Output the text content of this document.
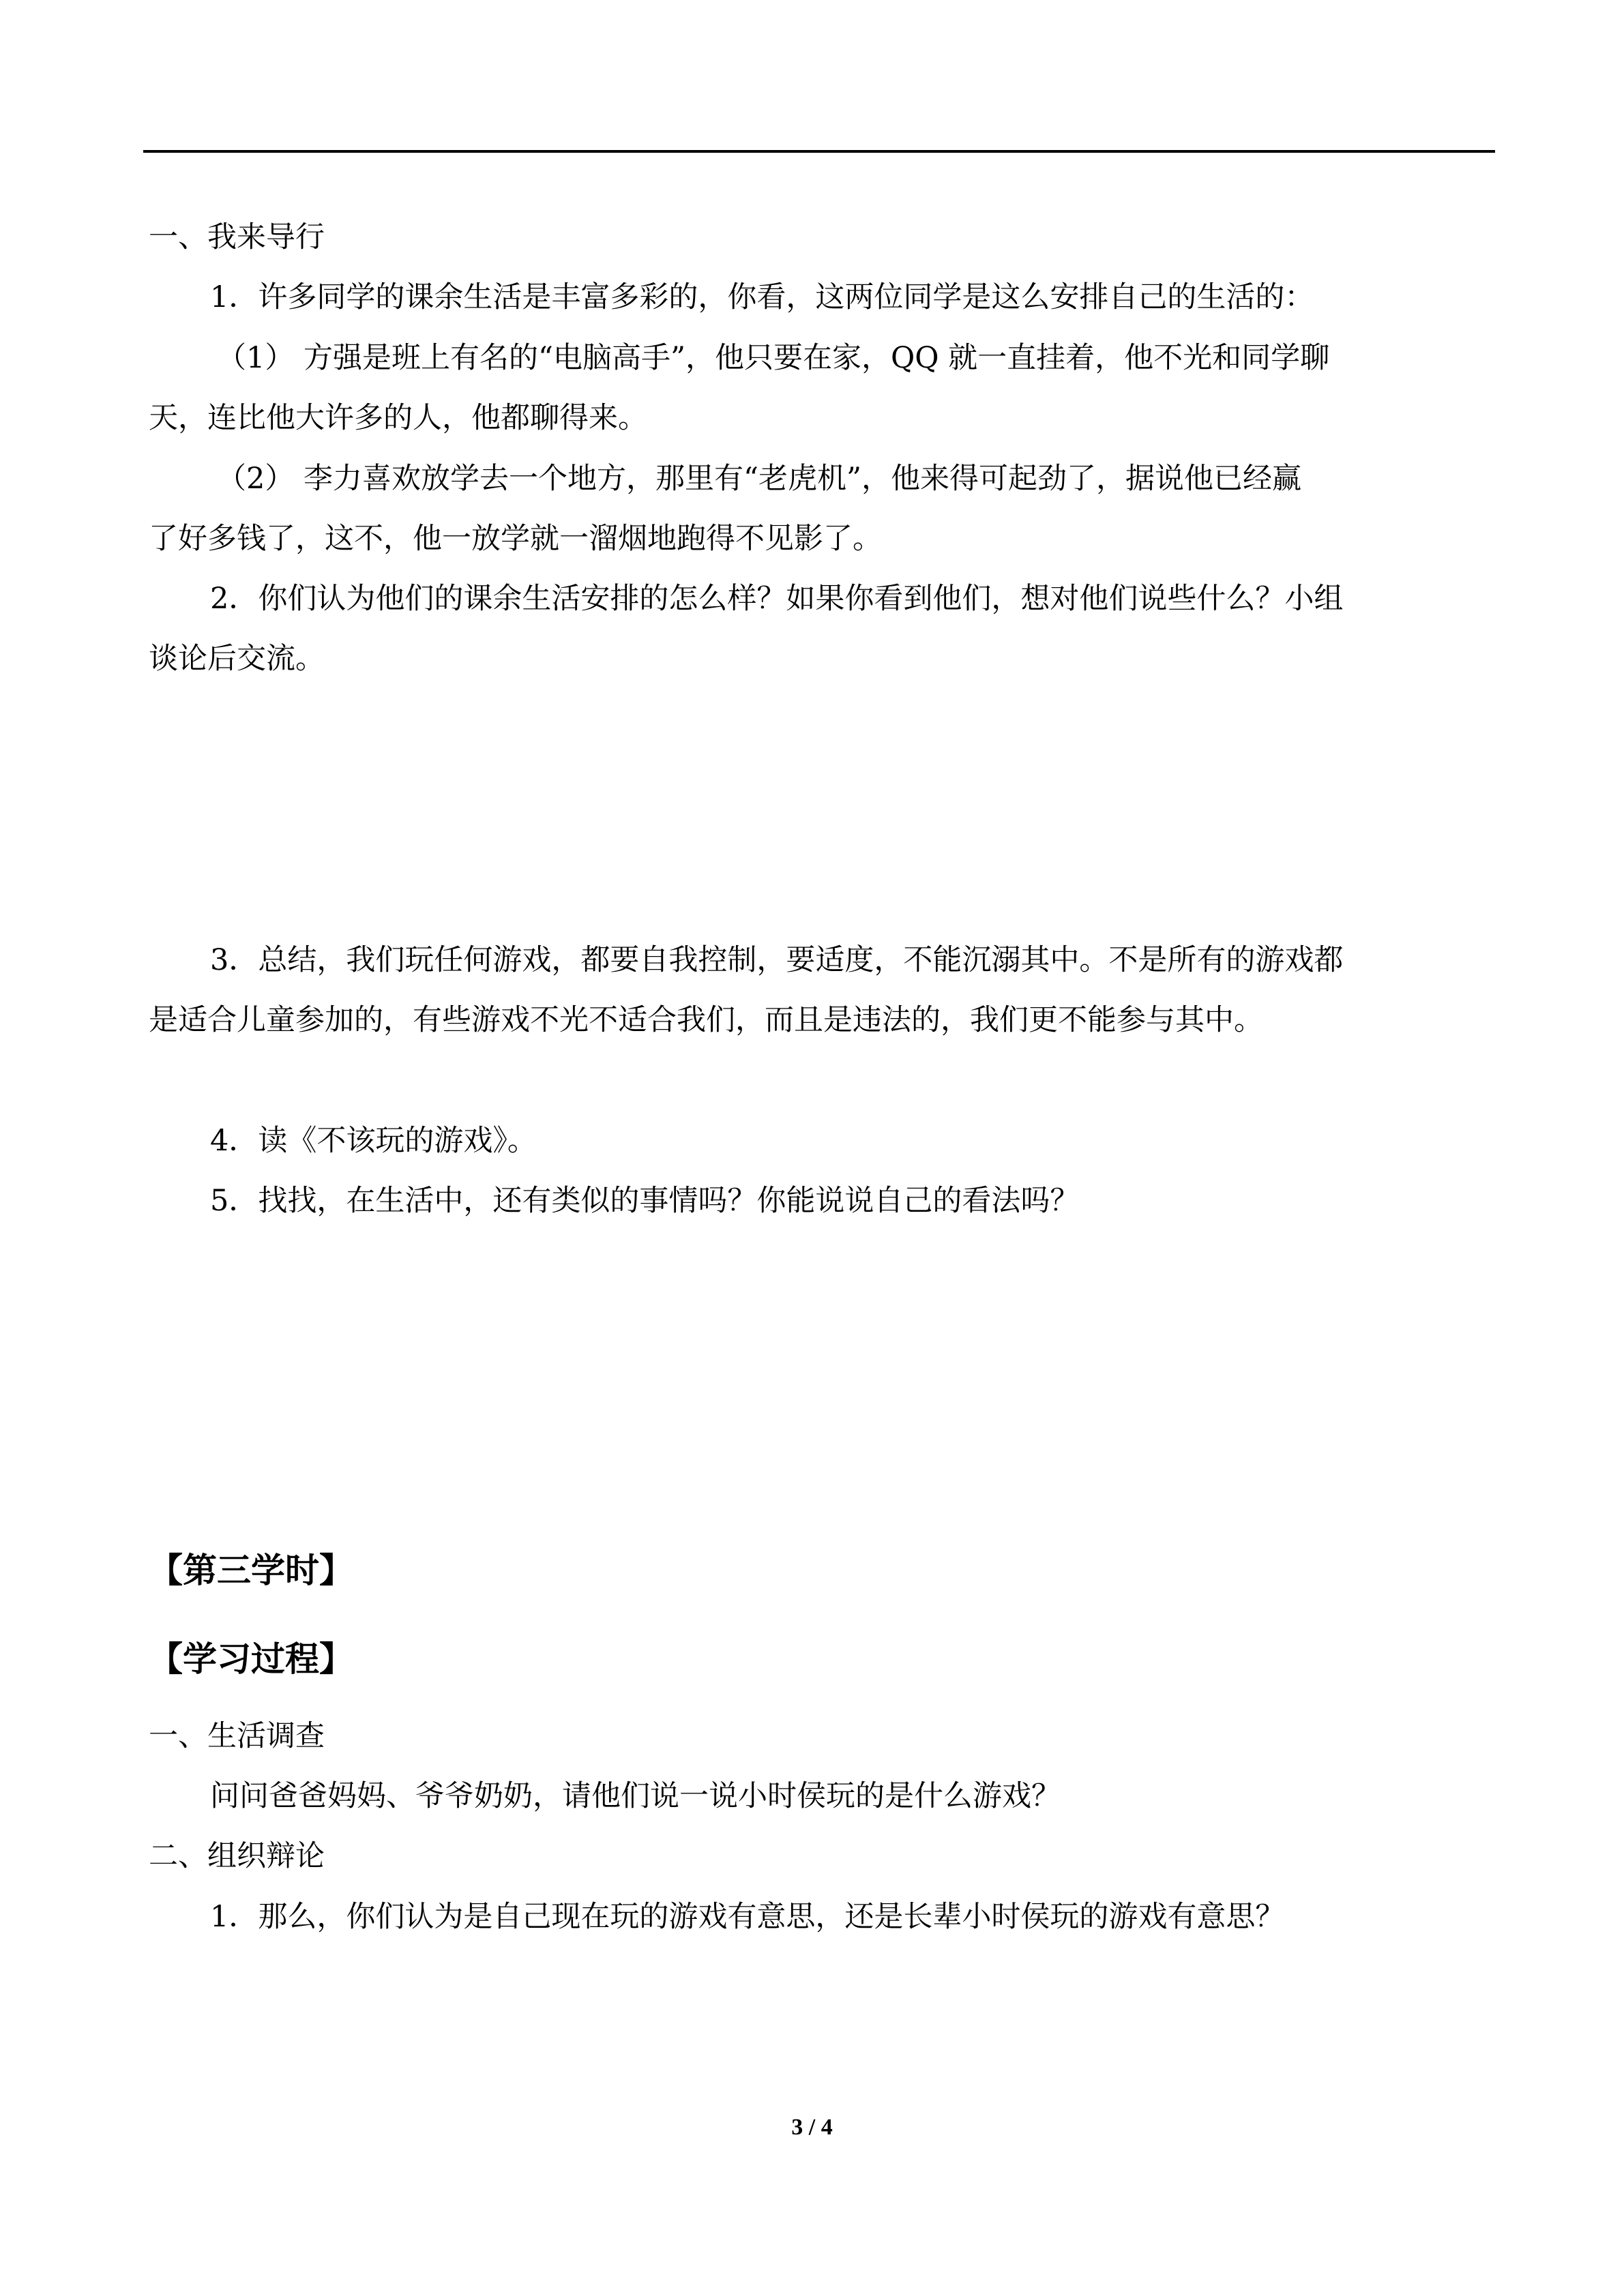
一、我来导行
1．许多同学的课余生活是丰富多彩的，你看，这两位同学是这么安排自己的生活的：
（1） 方强是班上有名的“电脑高手”，他只要在家，QQ 就一直挂着，他不光和同学聊
天，连比他大许多的人，他都聊得来。
（2） 李力喜欢放学去一个地方，那里有“老虎机”，他来得可起劲了，据说他已经赢
了好多钱了，这不，他一放学就一溜烟地跑得不见影了。
2．你们认为他们的课余生活安排的怎么样？如果你看到他们，想对他们说些什么？小组
谈论后交流。
3．总结，我们玩任何游戏，都要自我控制，要适度，不能沉溺其中。不是所有的游戏都
是适合儿童参加的，有些游戏不光不适合我们，而且是违法的，我们更不能参与其中。
4．读《不该玩的游戏》。
5．找找，在生活中，还有类似的事情吗？你能说说自己的看法吗？
【第三学时】
【学习过程】
一、生活调查
问问爸爸妈妈、爷爷奶奶，请他们说一说小时侯玩的是什么游戏？
二、组织辩论
1．那么，你们认为是自己现在玩的游戏有意思，还是长辈小时侯玩的游戏有意思？
3 / 4
